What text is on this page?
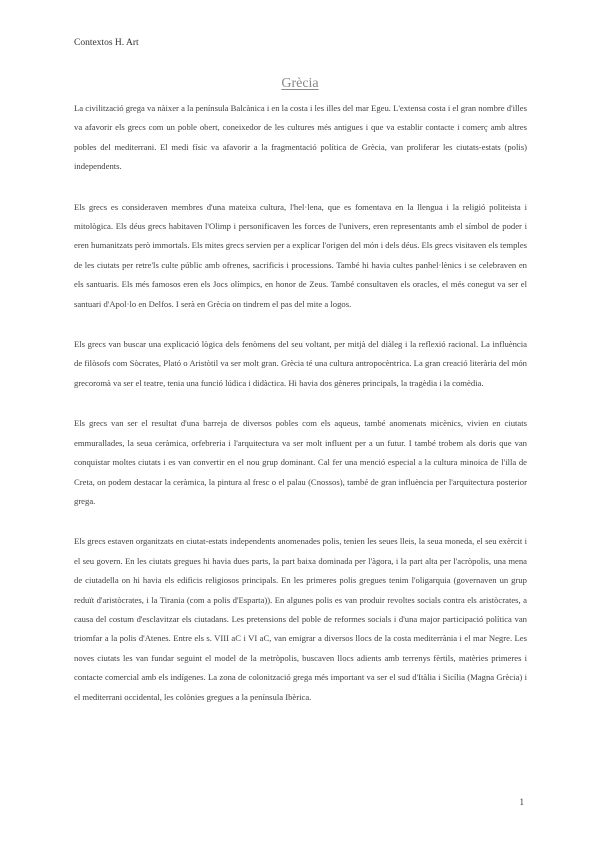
Contextos H. Art
Grècia

La civilització grega va nàixer a la península Balcànica i en la costa i les illes del mar Egeu. L'extensa costa i el gran nombre d'illes va afavorir els grecs com un poble obert, coneixedor de les cultures més antigues i que va establir contacte i comerç amb altres pobles del mediterrani. El medi físic va afavorir a la fragmentació política de Grècia, van proliferar les ciutats-estats (polis) independents.

Els grecs es consideraven membres d'una mateixa cultura, l'hel·lena, que es fomentava en la llengua i la religió politeista i mitològica. Els déus grecs habitaven l'Olimp i personificaven les forces de l'univers, eren representants amb el símbol de poder i eren humanitzats però immortals. Els mites grecs servien per a explicar l'origen del món i dels déus. Els grecs visitaven els temples de les ciutats per retre'ls culte públic amb ofrenes, sacrificis i processions. També hi havia cultes panhel·lènics i se celebraven en els santuaris. Els més famosos eren els Jocs olímpics, en honor de Zeus. També consultaven els oracles, el més conegut va ser el santuari d'Apol·lo en Delfos. I serà en Grècia on tindrem el pas del mite a logos.

Els grecs van buscar una explicació lògica dels fenòmens del seu voltant, per mitjà del diàleg i la reflexió racional. La influència de filòsofs com Sòcrates, Plató o Aristòtil va ser molt gran. Grècia té una cultura antropocèntrica. La gran creació literària del món grecoromà va ser el teatre, tenia una funció lúdica i didàctica. Hi havia dos gèneres principals, la tragèdia i la comèdia.

Els grecs van ser el resultat d'una barreja de diversos pobles com els aqueus, també anomenats micènics, vivien en ciutats emmurallades, la seua ceràmica, orfebreria i l'arquitectura va ser molt influent per a un futur. I també trobem als doris que van conquistar moltes ciutats i es van convertir en el nou grup dominant. Cal fer una menció especial a la cultura minoica de l'illa de Creta, on podem destacar la ceràmica, la pintura al fresc o el palau (Cnossos), també de gran influència per l'arquitectura posterior grega.

Els grecs estaven organitzats en ciutat-estats independents anomenades polis, tenien les seues lleis, la seua moneda, el seu exèrcit i el seu govern. En les ciutats gregues hi havia dues parts, la part baixa dominada per l'àgora, i la part alta per l'acròpolis, una mena de ciutadella on hi havia els edificis religiosos principals. En les primeres polis gregues tenim l'oligarquia (governaven un grup reduït d'aristòcrates, i la Tirania (com a polis d'Esparta)). En algunes polis es van produir revoltes socials contra els aristòcrates, a causa del costum d'esclavitzar els ciutadans. Les pretensions del poble de reformes socials i d'una major participació política van triomfar a la polis d'Atenes. Entre els s. VIII aC i VI aC, van emigrar a diversos llocs de la costa mediterrània i el mar Negre. Les noves ciutats les van fundar seguint el model de la metròpolis, buscaven llocs adients amb terrenys fèrtils, matèries primeres i contacte comercial amb els indígenes. La zona de colonització grega més important va ser el sud d'Itàlia i Sicília (Magna Grècia) i el mediterrani occidental, les colònies gregues a la península Ibèrica.

1
